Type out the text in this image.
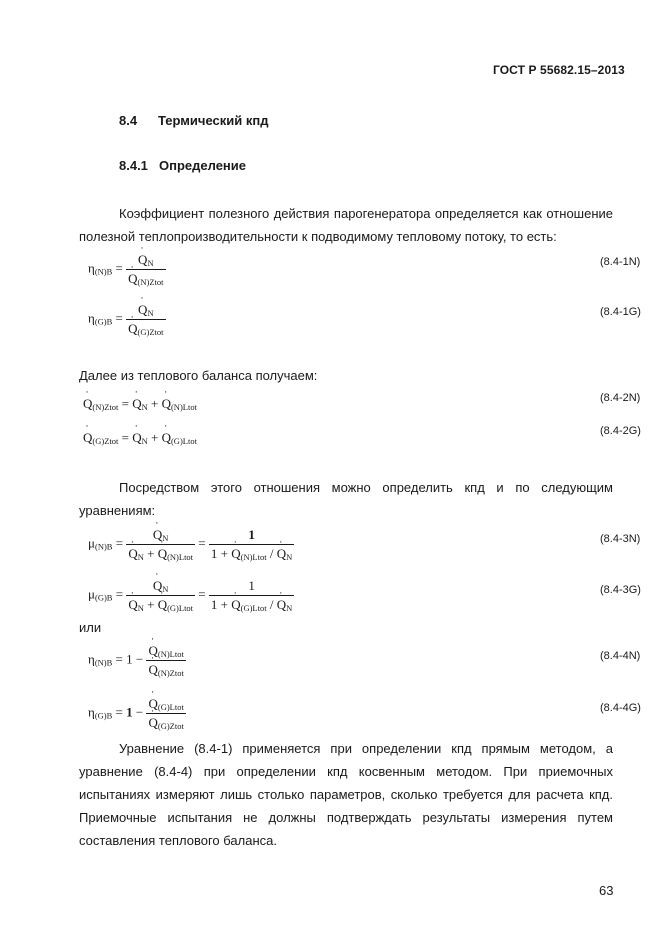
ГОСТ Р 55682.15–2013
8.4 Термический кпд
8.4.1 Определение
Коэффициент полезного действия парогенератора определяется как отношение полезной теплопроизводительности к подводимому тепловому потоку, то есть:
$\eta_{(N)B}$ = ˙ $Q_N$
˙ $Q_{(N)Ztot}$	(8.4-1N)
$\eta_{(G)B}$ = ˙ $Q_N$
˙ $Q_{(G)Ztot}$	(8.4-1G)
Далее из теплового баланса получаем:
˙ $Q_{(N)Ztot}$ = ˙ $Q_N$ + ˙ $Q_{(N)Ltot}$
(8.4-2N)
˙ $Q_{(G)Ztot}$ = ˙ $Q_N$ + ˙ $Q_{(G)Ltot}$
(8.4-2G)
Посредством этого отношения можно определить кпд и по следующим уравнениям:
$\mu_{(N)B}$ = ˙ $Q_N$
˙ $Q_N$ + ˙ $Q_{(N)Ltot} = \frac{1}{1 + ˙ Q_{(N)Ltot} / ˙ Q_N}$	(8.4-3N)
$\mu_{(G)B}$ = ˙ $Q_N$
˙ $Q_N$ + ˙ $Q_{(G)Ltot} = \frac{1}{1 + ˙ Q_{(G)Ltot} / ˙ Q_N}$	(8.4-3G)
или
$\eta_{(N)B} = 1$ − ˙ $Q_{(N)Ltot}$
˙ $Q_{(N)Ztot}$	(8.4-4N)
$\eta_{(G)B} = 1$ − ˙ $Q_{(G)Ltot}$
˙ $Q_{(G)Ztot}$	(8.4-4G)
Уравнение (8.4-1) применяется при определении кпд прямым методом, а уравнение (8.4-4) при определении кпд косвенным методом. При приемочных испытаниях измеряют лишь столько параметров, сколько требуется для расчета кпд. Приемочные испытания не должны подтверждать результаты измерения путем составления теплового баланса.
63
